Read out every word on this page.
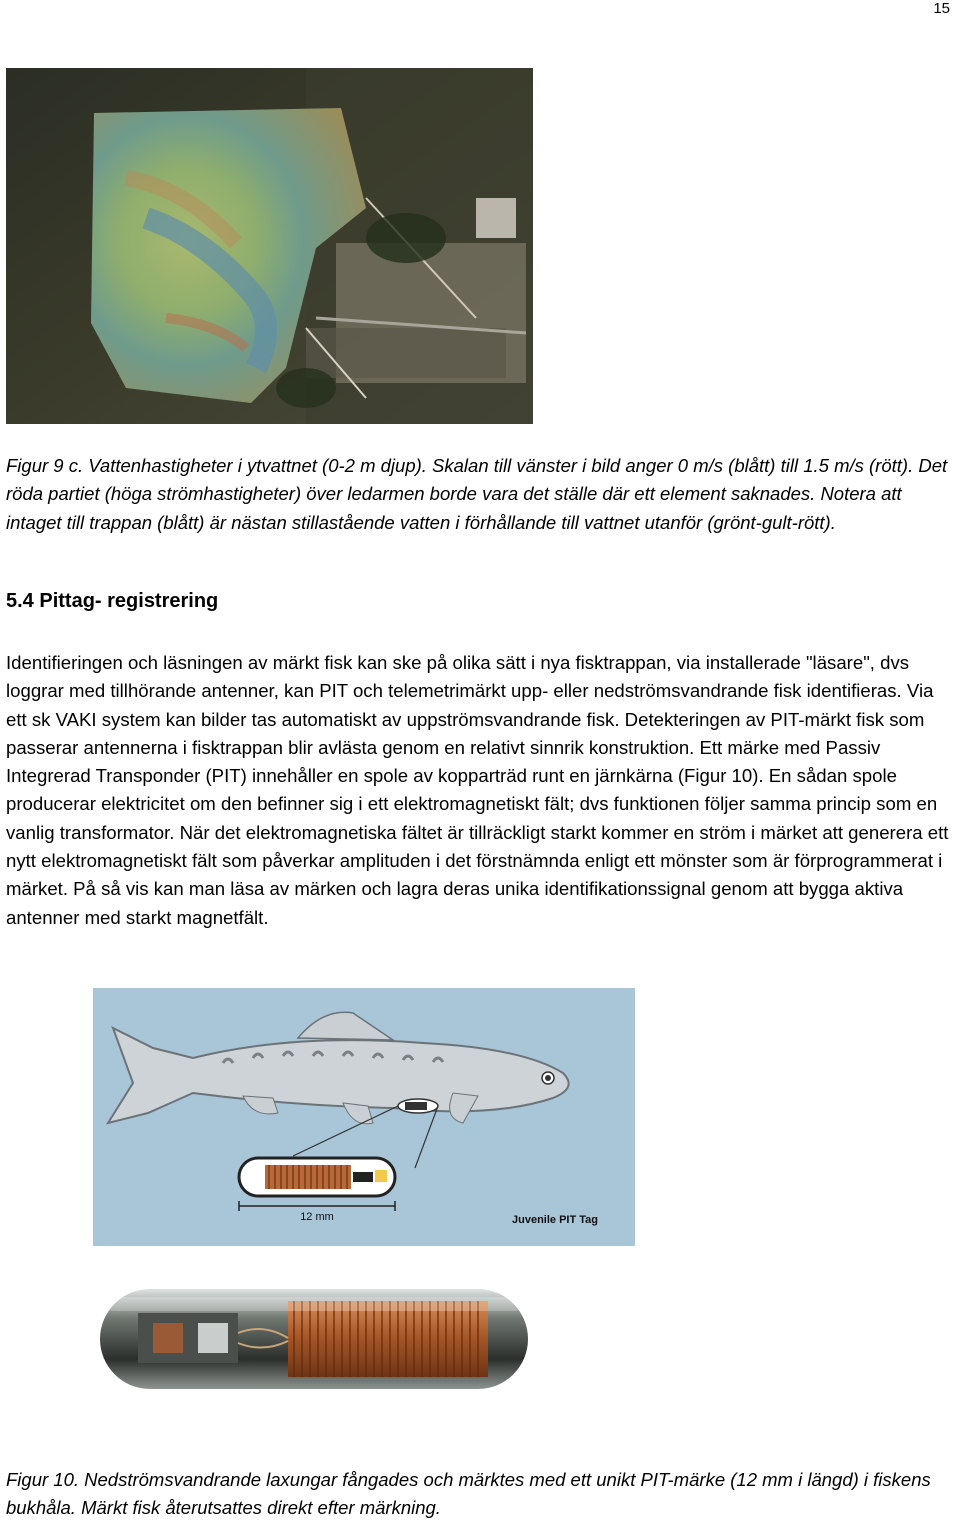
15
Figur 9 c. Vattenhastigheter i ytvattnet (0-2 m djup). Skalan till vänster i bild anger 0 m/s (blått) till 1.5 m/s (rött). Det röda partiet (höga strömhastigheter) över ledarmen borde vara det ställe där ett element saknades. Notera att intaget till trappan (blått) är nästan stillastående vatten i förhållande till vattnet utanför (grönt-gult-rött).
5.4 Pittag- registrering
Identifieringen och läsningen av märkt fisk kan ske på olika sätt i nya fisktrappan, via installerade "läsare", dvs loggrar med tillhörande antenner, kan PIT och telemetrimärkt upp- eller nedströmsvandrande fisk identifieras. Via ett sk VAKI system kan bilder tas automatiskt av uppströmsvandrande fisk. Detekteringen av PIT-märkt fisk som passerar antennerna i fisktrappan blir avlästa genom en relativt sinnrik konstruktion. Ett märke med Passiv Integrerad Transponder (PIT) innehåller en spole av kopparträd runt en järnkärna (Figur 10). En sådan spole producerar elektricitet om den befinner sig i ett elektromagnetiskt fält; dvs funktionen följer samma princip som en vanlig transformator. När det elektromagnetiska fältet är tillräckligt starkt kommer en ström i märket att generera ett nytt elektromagnetiskt fält som påverkar amplituden i det förstnämnda enligt ett mönster som är förprogrammerat i märket. På så vis kan man läsa av märken och lagra deras unika identifikationssignal genom att bygga aktiva antenner med starkt magnetfält.
12 mm	Juvenile PIT Tag
Figur 10. Nedströmsvandrande laxungar fångades och märktes med ett unikt PIT-märke (12 mm i längd) i fiskens bukhåla. Märkt fisk återutsattes direkt efter märkning.
